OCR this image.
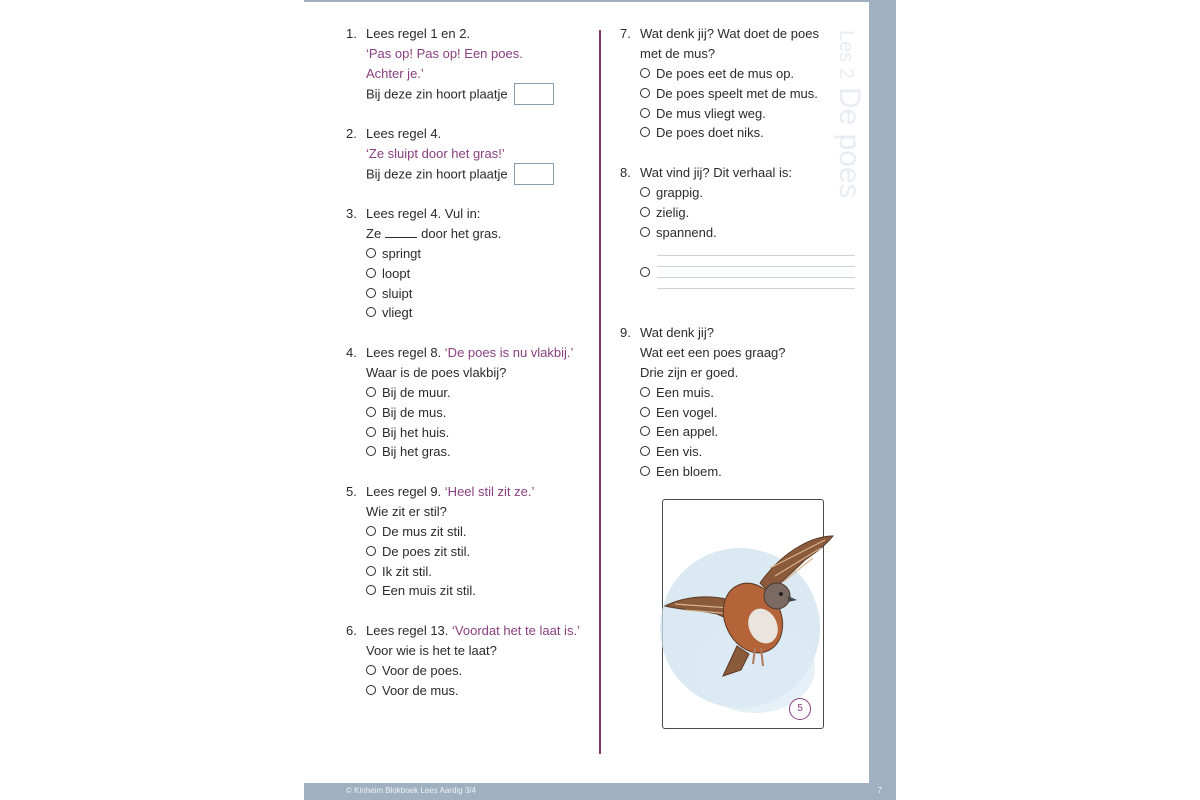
Les 2De poes
1. Lees regel 1 en 2.
‘Pas op! Pas op! Een poes.
Achter je.’
Bij deze zin hoort plaatje
2. Lees regel 4.
‘Ze sluipt door het gras!’
Bij deze zin hoort plaatje
3. Lees regel 4. Vul in:
Ze	door het gras.
springt
loopt
sluipt
vliegt
4. Lees regel 8. ‘De poes is nu vlakbij.’
Waar is de poes vlakbij?
Bij de muur.
Bij de mus.
Bij het huis.
Bij het gras.
5. Lees regel 9. ‘Heel stil zit ze.’
Wie zit er stil?
De mus zit stil.
De poes zit stil.
Ik zit stil.
Een muis zit stil.
6. Lees regel 13. ‘Voordat het te laat is.’
Voor wie is het te laat?
Voor de poes.
Voor de mus.
7. Wat denk jij? Wat doet de poes
met de mus?
De poes eet de mus op.
De poes speelt met de mus.
De mus vliegt weg.
De poes doet niks.
8. Wat vind jij? Dit verhaal is:
grappig.
zielig.
spannend.
9. Wat denk jij?
Wat eet een poes graag?
Drie zijn er goed.
Een muis.
Een vogel.
Een appel.
Een vis.
Een bloem.
5
© Kinheim Blokboek Lees Aardig 3/4	7
